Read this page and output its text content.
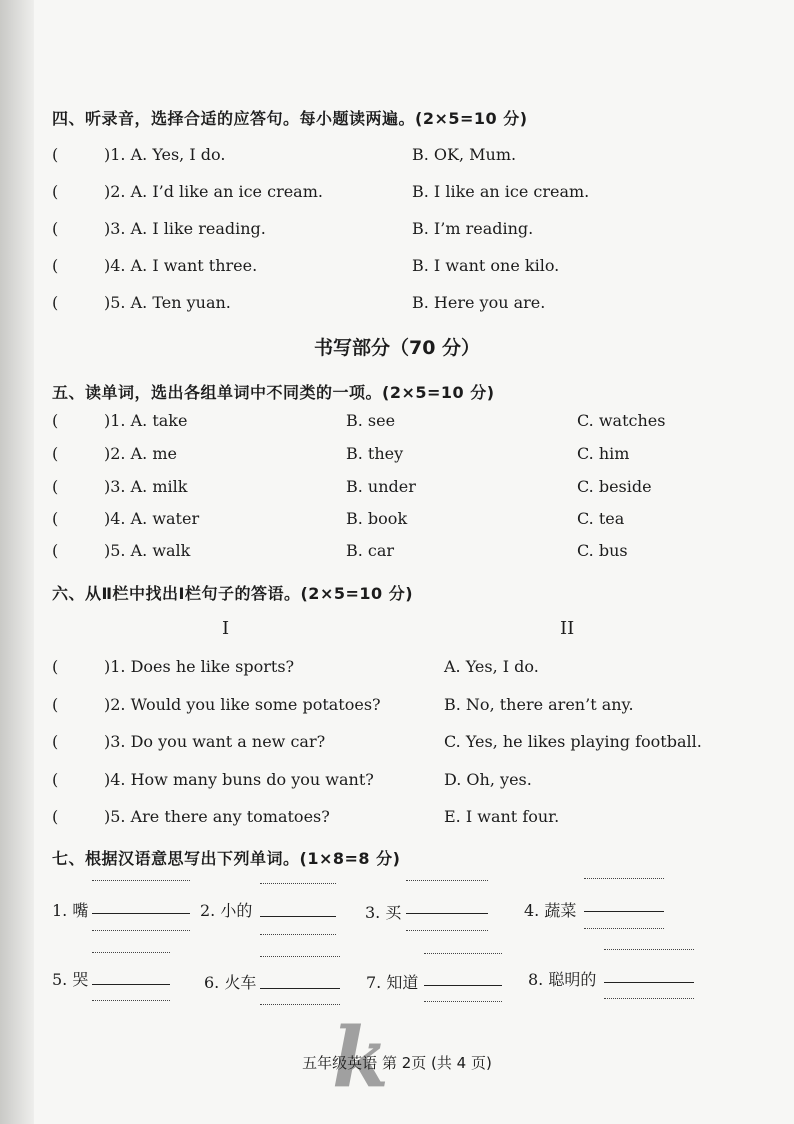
四、听录音，选择合适的应答句。每小题读两遍。(2×5=10 分)
(	)1. A. Yes, I do.	B. OK, Mum.
(	)2. A. I’d like an ice cream.	B. I like an ice cream.
(	)3. A. I like reading.	B. I’m reading.
(	)4. A. I want three.	B. I want one kilo.
(	)5. A. Ten yuan.	B. Here you are.
书写部分（70 分）
五、读单词，选出各组单词中不同类的一项。(2×5=10 分)
(	)1. A. take	B. see	C. watches
(	)2. A. me	B. they	C. him
(	)3. A. milk	B. under	C. beside
(	)4. A. water	B. book	C. tea
(	)5. A. walk	B. car	C. bus
六、从Ⅱ栏中找出Ⅰ栏句子的答语。(2×5=10 分)
I	II
(	)1. Does he like sports?	A. Yes, I do.
(	)2. Would you like some potatoes?	B. No, there aren’t any.
(	)3. Do you want a new car?	C. Yes, he likes playing football.
(	)4. How many buns do you want?	D. Oh, yes.
(	)5. Are there any tomatoes?	E. I want four.
七、根据汉语意思写出下列单词。(1×8=8 分)
1. 嘴	2. 小的	3. 买	4. 蔬菜
5. 哭	6. 火车	7. 知道	8. 聪明的
k
五年级英语 第 2页 (共 4 页)
